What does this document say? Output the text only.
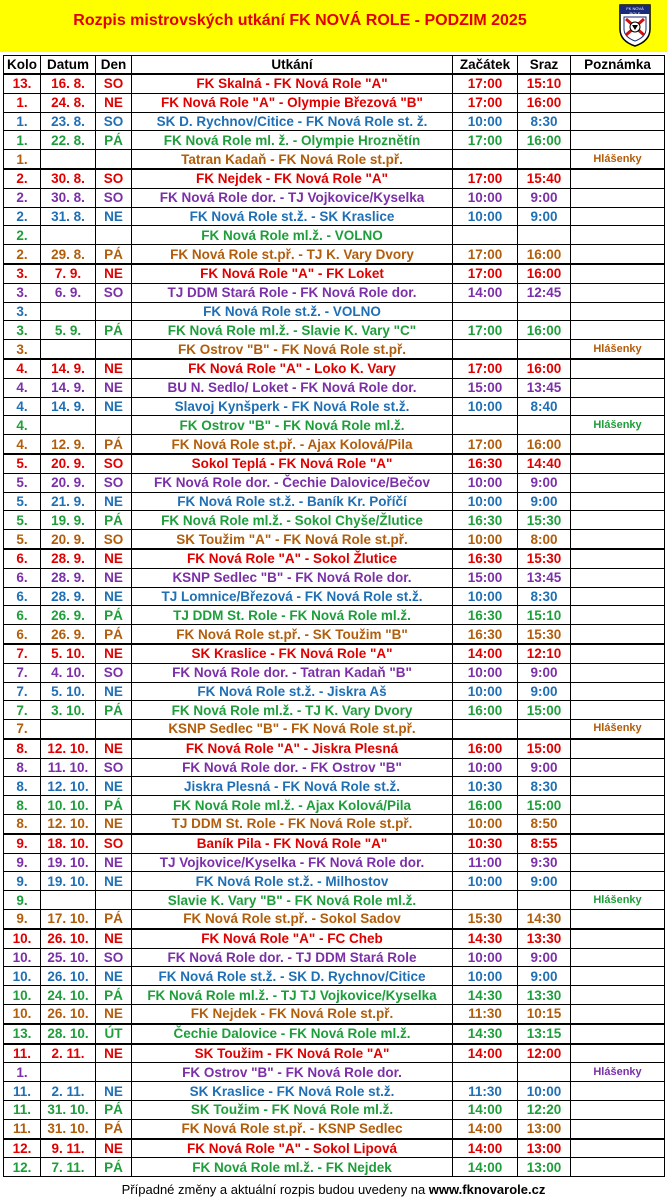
Rozpis mistrovských utkání FK NOVÁ ROLE - PODZIM 2025
FK NOVÁ ROLE
Kolo	Datum	Den	Utkání	Začátek	Sraz	Poznámka
13.	16. 8.	SO	FK Skalná - FK Nová Role "A"	17:00	15:10	
1.	24. 8.	NE	FK Nová Role "A" - Olympie Březová "B"	17:00	16:00	
1.	23. 8.	SO	SK D. Rychnov/Citice - FK Nová Role st. ž.	10:00	8:30	
1.	22. 8.	PÁ	FK Nová Role ml. ž. - Olympie Hroznětín	17:00	16:00	
1.			Tatran Kadaň - FK Nová Role st.př.			Hlášenky
2.	30. 8.	SO	FK Nejdek - FK Nová Role "A"	17:00	15:40	
2.	30. 8.	SO	FK Nová Role dor. - TJ Vojkovice/Kyselka	10:00	9:00	
2.	31. 8.	NE	FK Nová Role st.ž. - SK Kraslice	10:00	9:00	
2.			FK Nová Role ml.ž. - VOLNO			
2.	29. 8.	PÁ	FK Nová Role st.př. - TJ K. Vary Dvory	17:00	16:00	
3.	7. 9.	NE	FK Nová Role "A" - FK Loket	17:00	16:00	
3.	6. 9.	SO	TJ DDM Stará Role - FK Nová Role dor.	14:00	12:45	
3.			FK Nová Role st.ž. - VOLNO			
3.	5. 9.	PÁ	FK Nová Role ml.ž. - Slavie K. Vary "C"	17:00	16:00	
3.			FK Ostrov "B" - FK Nová Role st.př.			Hlášenky
4.	14. 9.	NE	FK Nová Role "A" - Loko K. Vary	17:00	16:00	
4.	14. 9.	NE	BU N. Sedlo/ Loket - FK Nová Role dor.	15:00	13:45	
4.	14. 9.	NE	Slavoj Kynšperk - FK Nová Role st.ž.	10:00	8:40	
4.			FK Ostrov "B" - FK Nová Role ml.ž.			Hlášenky
4.	12. 9.	PÁ	FK Nová Role st.př. - Ajax Kolová/Pila	17:00	16:00	
5.	20. 9.	SO	Sokol Teplá - FK Nová Role "A"	16:30	14:40	
5.	20. 9.	SO	FK Nová Role dor. - Čechie Dalovice/Bečov	10:00	9:00	
5.	21. 9.	NE	FK Nová Role st.ž. - Baník Kr. Poříčí	10:00	9:00	
5.	19. 9.	PÁ	FK Nová Role ml.ž. - Sokol Chyše/Žlutice	16:30	15:30	
5.	20. 9.	SO	SK Toužim "A" - FK Nová Role st.př.	10:00	8:00	
6.	28. 9.	NE	FK Nová Role "A" - Sokol Žlutice	16:30	15:30	
6.	28. 9.	NE	KSNP Sedlec "B" - FK Nová Role dor.	15:00	13:45	
6.	28. 9.	NE	TJ Lomnice/Březová - FK Nová Role st.ž.	10:00	8:30	
6.	26. 9.	PÁ	TJ DDM St. Role - FK Nová Role ml.ž.	16:30	15:10	
6.	26. 9.	PÁ	FK Nová Role st.př. - SK Toužim "B"	16:30	15:30	
7.	5. 10.	NE	SK Kraslice - FK Nová Role "A"	14:00	12:10	
7.	4. 10.	SO	FK Nová Role dor. - Tatran Kadaň "B"	10:00	9:00	
7.	5. 10.	NE	FK Nová Role st.ž. - Jiskra Aš	10:00	9:00	
7.	3. 10.	PÁ	FK Nová Role ml.ž. - TJ K. Vary Dvory	16:00	15:00	
7.			KSNP Sedlec "B" - FK Nová Role st.př.			Hlášenky
8.	12. 10.	NE	FK Nová Role "A" - Jiskra Plesná	16:00	15:00	
8.	11. 10.	SO	FK Nová Role dor. - FK Ostrov "B"	10:00	9:00	
8.	12. 10.	NE	Jiskra Plesná - FK Nová Role st.ž.	10:30	8:30	
8.	10. 10.	PÁ	FK Nová Role ml.ž. - Ajax Kolová/Pila	16:00	15:00	
8.	12. 10.	NE	TJ DDM St. Role - FK Nová Role st.př.	10:00	8:50	
9.	18. 10.	SO	Baník Pila - FK Nová Role "A"	10:30	8:55	
9.	19. 10.	NE	TJ Vojkovice/Kyselka - FK Nová Role dor.	11:00	9:30	
9.	19. 10.	NE	FK Nová Role st.ž. - Milhostov	10:00	9:00	
9.			Slavie K. Vary "B" - FK Nová Role ml.ž.			Hlášenky
9.	17. 10.	PÁ	FK Nová Role st.př. - Sokol Sadov	15:30	14:30	
10.	26. 10.	NE	FK Nová Role "A" - FC Cheb	14:30	13:30	
10.	25. 10.	SO	FK Nová Role dor. - TJ DDM Stará Role	10:00	9:00	
10.	26. 10.	NE	FK Nová Role st.ž. - SK D. Rychnov/Citice	10:00	9:00	
10.	24. 10.	PÁ	FK Nová Role ml.ž. - TJ TJ Vojkovice/Kyselka	14:30	13:30	
10.	26. 10.	NE	FK Nejdek - FK Nová Role st.př.	11:30	10:15	
13.	28. 10.	ÚT	Čechie Dalovice - FK Nová Role ml.ž.	14:30	13:15	
11.	2. 11.	NE	SK Toužim - FK Nová Role "A"	14:00	12:00	
1.			FK Ostrov "B" - FK Nová Role dor.			Hlášenky
11.	2. 11.	NE	SK Kraslice - FK Nová Role st.ž.	11:30	10:00	
11.	31. 10.	PÁ	SK Toužim - FK Nová Role ml.ž.	14:00	12:20	
11.	31. 10.	PÁ	FK Nová Role st.př. - KSNP Sedlec	14:00	13:00	
12.	9. 11.	NE	FK Nová Role "A" - Sokol Lipová	14:00	13:00	
12.	7. 11.	PÁ	FK Nová Role ml.ž. - FK Nejdek	14:00	13:00	
Případné změny a aktuální rozpis budou uvedeny na www.fknovarole.cz
